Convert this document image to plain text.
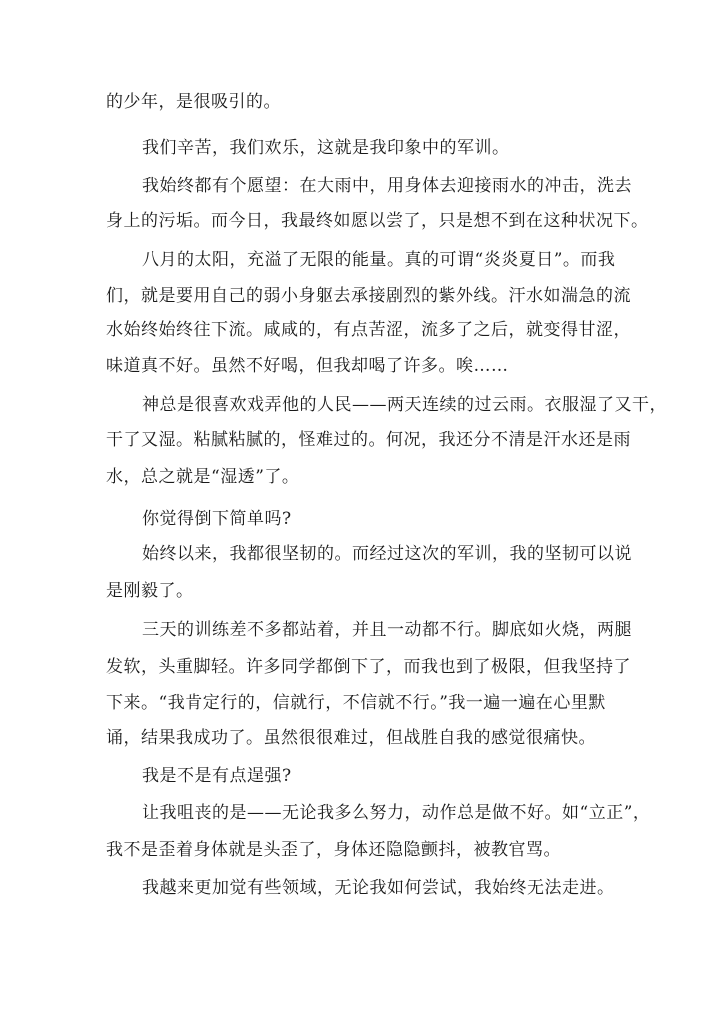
的少年，是很吸引的。

我们辛苦，我们欢乐，这就是我印象中的军训。

我始终都有个愿望：在大雨中，用身体去迎接雨水的冲击，洗去

身上的污垢。而今日，我最终如愿以尝了，只是想不到在这种状况下。

八月的太阳，充溢了无限的能量。真的可谓“炎炎夏日”。而我

们，就是要用自己的弱小身躯去承接剧烈的紫外线。汗水如湍急的流

水始终始终往下流。咸咸的，有点苦涩，流多了之后，就变得甘涩，

味道真不好。虽然不好喝，但我却喝了许多。唉……

神总是很喜欢戏弄他的人民——两天连续的过云雨。衣服湿了又干，

干了又湿。粘腻粘腻的，怪难过的。何况，我还分不清是汗水还是雨

水，总之就是“湿透”了。

你觉得倒下简单吗?

始终以来，我都很坚韧的。而经过这次的军训，我的坚韧可以说

是刚毅了。

三天的训练差不多都站着，并且一动都不行。脚底如火烧，两腿

发软，头重脚轻。许多同学都倒下了，而我也到了极限，但我坚持了

下来。“我肯定行的，信就行，不信就不行。”我一遍一遍在心里默

诵，结果我成功了。虽然很很难过，但战胜自我的感觉很痛快。

我是不是有点逞强?

让我咀丧的是——无论我多么努力，动作总是做不好。如“立正”，

我不是歪着身体就是头歪了，身体还隐隐颤抖，被教官骂。

我越来更加觉有些领域，无论我如何尝试，我始终无法走进。
